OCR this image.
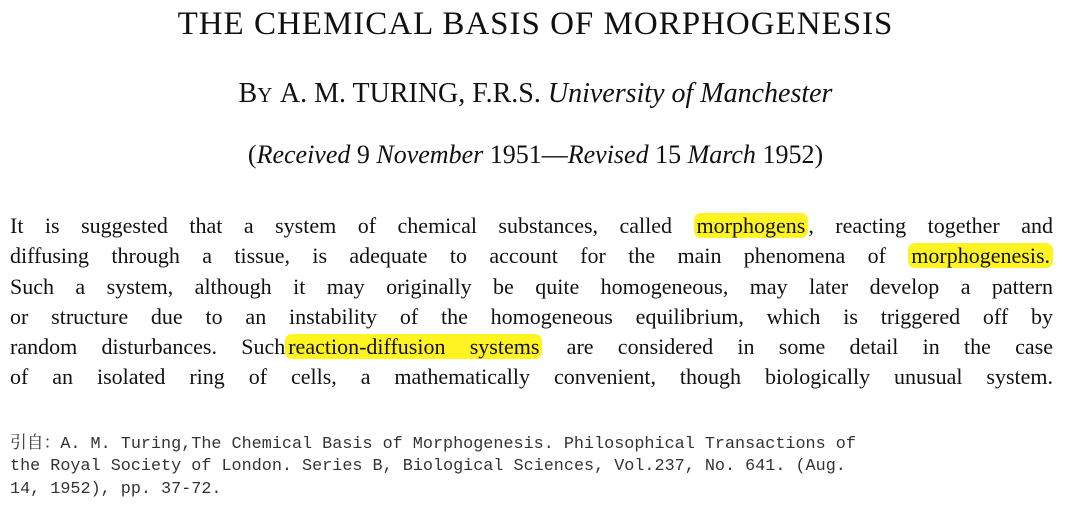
THE CHEMICAL BASIS OF MORPHOGENESIS
BY A. M. TURING, F.R.S. University of Manchester
(Received 9 November 1951—Revised 15 March 1952)
It is suggested that a system of chemical substances, called morphogens , reacting together and
diffusing through a tissue, is adequate to account for the main phenomena of morphogenesis.
Such a system, although it may originally be quite homogeneous, may later develop a pattern
or structure due to an instability of the homogeneous equilibrium, which is triggered off by
random disturbances. Such reaction-diffusion systems are considered in some detail in the case
of an isolated ring of cells, a mathematically convenient, though biologically unusual system.
引自：A. M. Turing,The Chemical Basis of Morphogenesis. Philosophical Transactions of
the Royal Society of London. Series B, Biological Sciences, Vol.237, No. 641. (Aug.
14, 1952), pp. 37-72.
